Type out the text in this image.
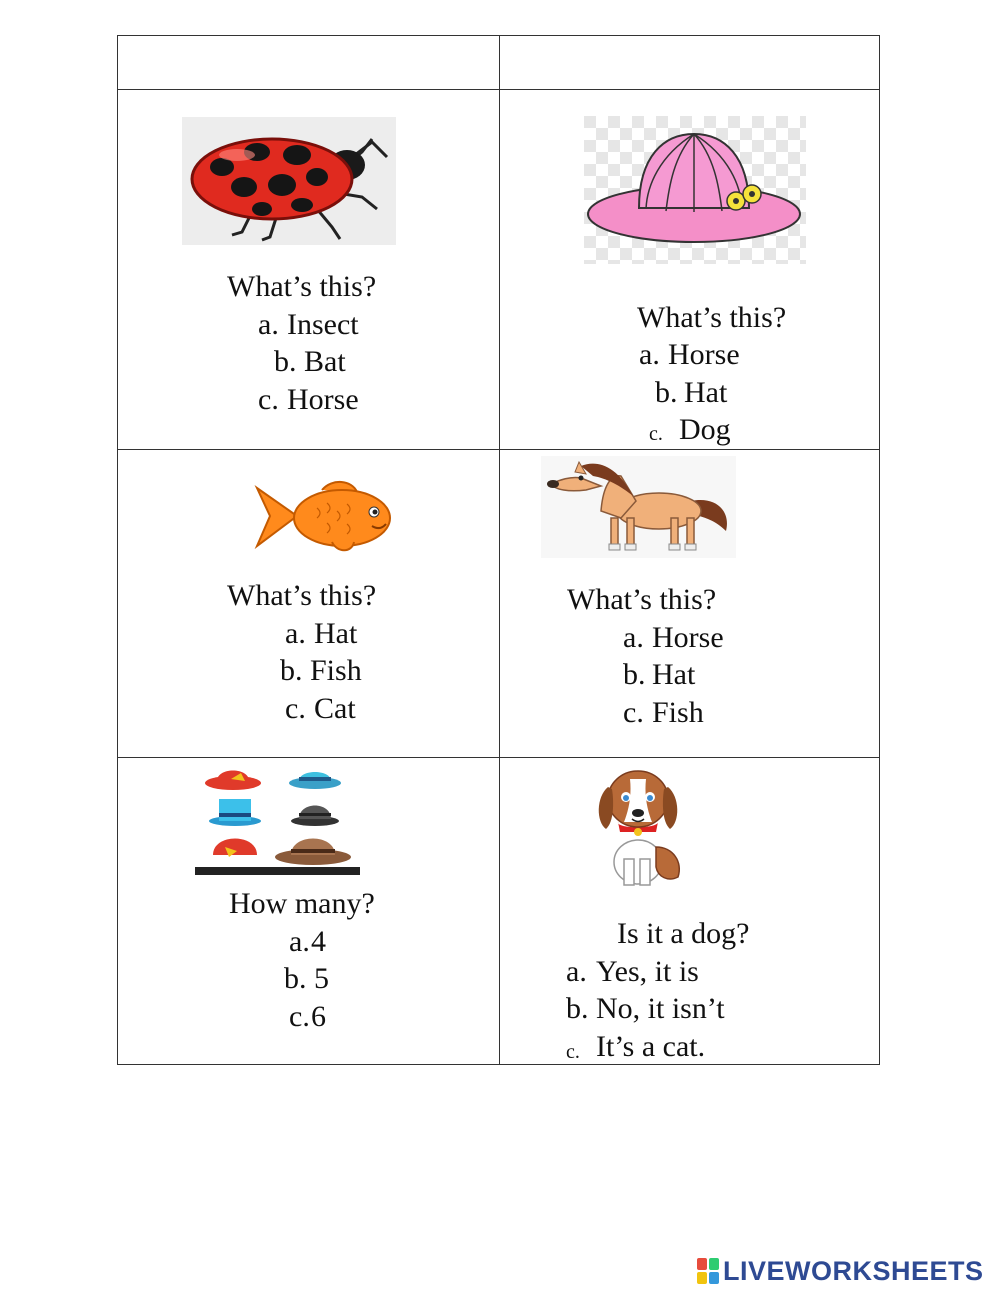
What’s this?
a. Insect
b. Bat
c. Horse
What’s this?
a. Horse
b. Hat
c. Dog
What’s this?
a. Hat
b. Fish
c. Cat
What’s this?
a. Horse
b. Hat
c. Fish
How many?
a. 4
b. 5
c. 6
Is it a dog?
a. Yes, it is
b. No, it isn’t
c. It’s a cat.
LIVEWORKSHEETS
